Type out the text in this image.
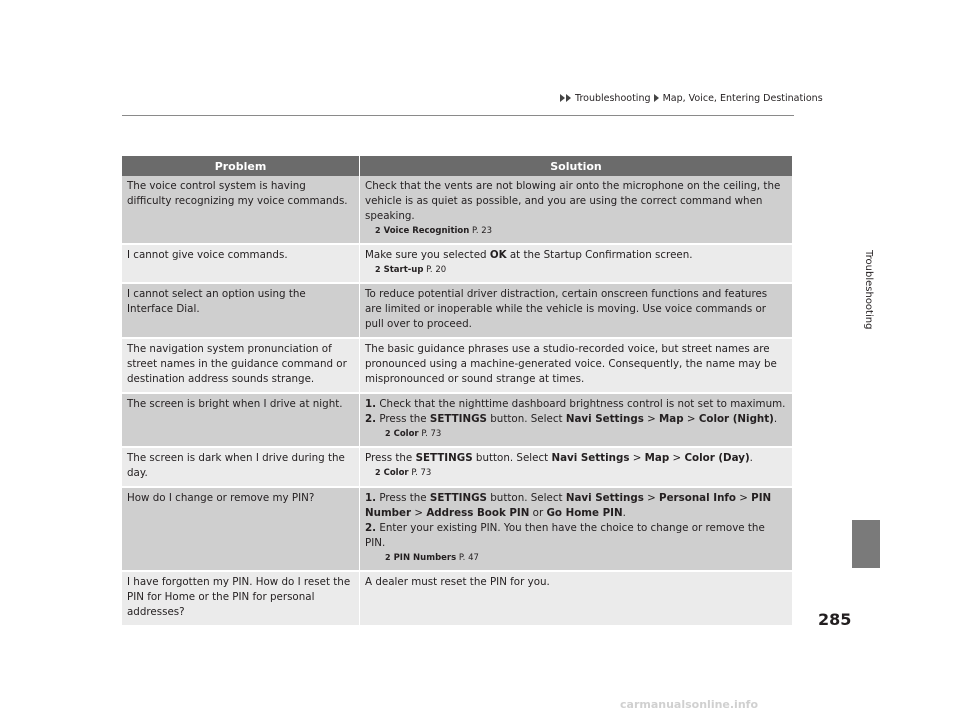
Troubleshooting Map, Voice, Entering Destinations
Problem	Solution
The voice control system is having difficulty recognizing my voice commands.	Check that the vents are not blowing air onto the microphone on the ceiling, the vehicle is as quiet as possible, and you are using the correct command when speaking.
2 Voice Recognition P. 23

I cannot give voice commands.	Make sure you selected OK at the Startup Confirmation screen.
2 Start-up P. 20

I cannot select an option using the Interface Dial.	To reduce potential driver distraction, certain onscreen functions and features are limited or inoperable while the vehicle is moving. Use voice commands or pull over to proceed.
The navigation system pronunciation of street names in the guidance command or destination address sounds strange.	The basic guidance phrases use a studio-recorded voice, but street names are pronounced using a machine-generated voice. Consequently, the name may be mispronounced or sound strange at times.
The screen is bright when I drive at night.	1. Check that the nighttime dashboard brightness control is not set to maximum.
2. Press the SETTINGS button. Select Navi Settings > Map > Color (Night).
2 Color P. 73

The screen is dark when I drive during the day.	Press the SETTINGS button. Select Navi Settings > Map > Color (Day).
2 Color P. 73

How do I change or remove my PIN?	1. Press the SETTINGS button. Select Navi Settings > Personal Info > PIN Number > Address Book PIN or Go Home PIN.
2. Enter your existing PIN. You then have the choice to change or remove the PIN.
2 PIN Numbers P. 47

I have forgotten my PIN. How do I reset the PIN for Home or the PIN for personal addresses?	A dealer must reset the PIN for you.
Troubleshooting
285
carmanualsonline.info
